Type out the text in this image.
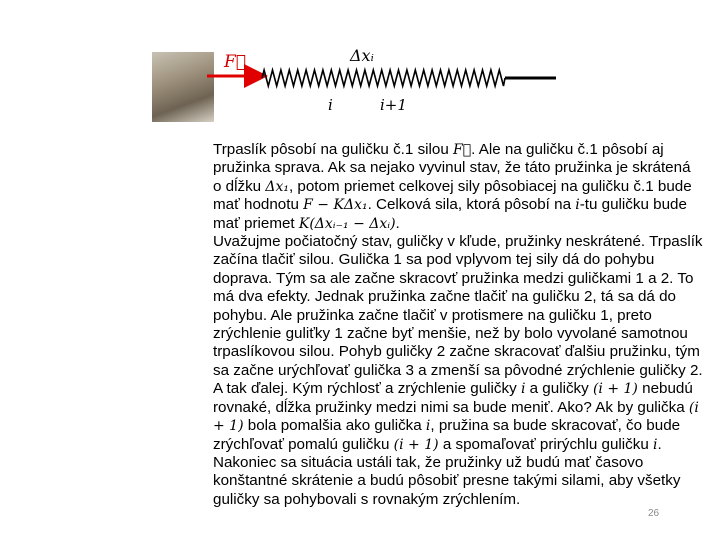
F⃗	Δxᵢ
i	i+1

Trpaslík pôsobí na guličku č.1 silou F⃗. Ale na guličku č.1 pôsobí aj pružinka sprava. Ak sa nejako vyvinul stav, že táto pružinka je skrátená o dĺžku Δx₁, potom priemet celkovej sily pôsobiacej na guličku č.1 bude mať hodnotu F − KΔx₁. Celková sila, ktorá pôsobí na i-tu guličku bude mať priemet K(Δxᵢ₋₁ − Δxᵢ).

Uvažujme počiatočný stav, guličky v kľude, pružinky neskrátené. Trpaslík začína tlačiť silou. Gulička 1 sa pod vplyvom tej sily dá do pohybu doprava. Tým sa ale začne skracovť pružinka medzi guličkami 1 a 2. To má dva efekty. Jednak pružinka začne tlačiť na guličku 2, tá sa dá do pohybu. Ale pružinka začne tlačiť v protismere na guličku 1, preto zrýchlenie guliťky 1 začne byť menšie, než by bolo vyvolané samotnou trpaslíkovou silou. Pohyb guličky 2 začne skracovať ďalšiu pružinku, tým sa začne urýchľovať gulička 3 a zmenší sa pôvodné zrýchlenie guličky 2. A tak ďalej. Kým rýchlosť a zrýchlenie guličky i a guličky (i + 1) nebudú rovnaké, dĺžka pružinky medzi nimi sa bude meniť. Ako? Ak by gulička (i + 1) bola pomalšia ako gulička i, pružina sa bude skracovať, čo bude zrýchľovať pomalú guličku (i + 1) a spomaľovať prirýchlu guličku i. Nakoniec sa situácia ustáli tak, že pružinky už budú mať časovo konštantné skrátenie a budú pôsobiť presne takými silami, aby všetky guličky sa pohybovali s rovnakým zrýchlením.

26
